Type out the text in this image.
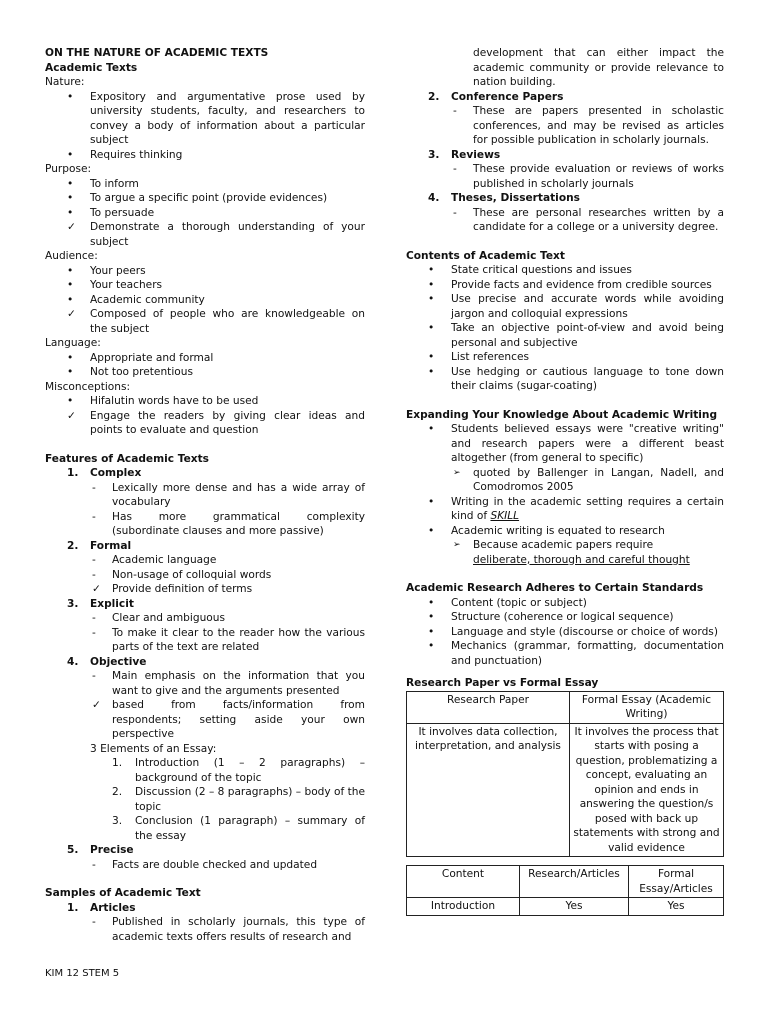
ON THE NATURE OF ACADEMIC TEXTS
Academic Texts
Nature:
• Expository and argumentative prose used by university students, faculty, and researchers to convey a body of information about a particular subject
• Requires thinking
Purpose:
• To inform
• To argue a specific point (provide evidences)
• To persuade
✓ Demonstrate a thorough understanding of your subject
Audience:
• Your peers
• Your teachers
• Academic community
✓ Composed of people who are knowledgeable on the subject
Language:
• Appropriate and formal
• Not too pretentious
Misconceptions:
• Hifalutin words have to be used
✓ Engage the readers by giving clear ideas and points to evaluate and question
Features of Academic Texts
1. Complex
- Lexically more dense and has a wide array of vocabulary
- Has more grammatical complexity (subordinate clauses and more passive)
2. Formal
- Academic language
- Non-usage of colloquial words
✓ Provide definition of terms
3. Explicit
- Clear and ambiguous
- To make it clear to the reader how the various parts of the text are related
4. Objective
- Main emphasis on the information that you want to give and the arguments presented
✓ based from facts/information from respondents; setting aside your own perspective
3 Elements of an Essay:
1. Introduction (1 – 2 paragraphs) – background of the topic
2. Discussion (2 – 8 paragraphs) – body of the topic
3. Conclusion (1 paragraph) – summary of the essay
5. Precise
- Facts are double checked and updated
Samples of Academic Text
1. Articles
- Published in scholarly journals, this type of academic texts offers results of research and
development that can either impact the academic community or provide relevance to nation building.
2. Conference Papers
- These are papers presented in scholastic conferences, and may be revised as articles for possible publication in scholarly journals.
3. Reviews
- These provide evaluation or reviews of works published in scholarly journals
4. Theses, Dissertations
- These are personal researches written by a candidate for a college or a university degree.
Contents of Academic Text
• State critical questions and issues
• Provide facts and evidence from credible sources
• Use precise and accurate words while avoiding jargon and colloquial expressions
• Take an objective point-of-view and avoid being personal and subjective
• List references
• Use hedging or cautious language to tone down their claims (sugar-coating)
Expanding Your Knowledge About Academic Writing
• Students believed essays were "creative writing" and research papers were a different beast altogether (from general to specific)
➢ quoted by Ballenger in Langan, Nadell, and Comodromos 2005
• Writing in the academic setting requires a certain kind of SKILL
• Academic writing is equated to research
➢ Because academic papers require
deliberate, thorough and careful thought
Academic Research Adheres to Certain Standards
• Content (topic or subject)
• Structure (coherence or logical sequence)
• Language and style (discourse or choice of words)
• Mechanics (grammar, formatting, documentation and punctuation)
Research Paper vs Formal Essay
Research Paper	Formal Essay (Academic Writing)
It involves data collection, interpretation, and analysis	It involves the process that starts with posing a question, problematizing a concept, evaluating an opinion and ends in answering the question/s posed with back up statements with strong and valid evidence
Content	Research/Articles	Formal Essay/Articles
Introduction	Yes	Yes
KIM 12 STEM 5
